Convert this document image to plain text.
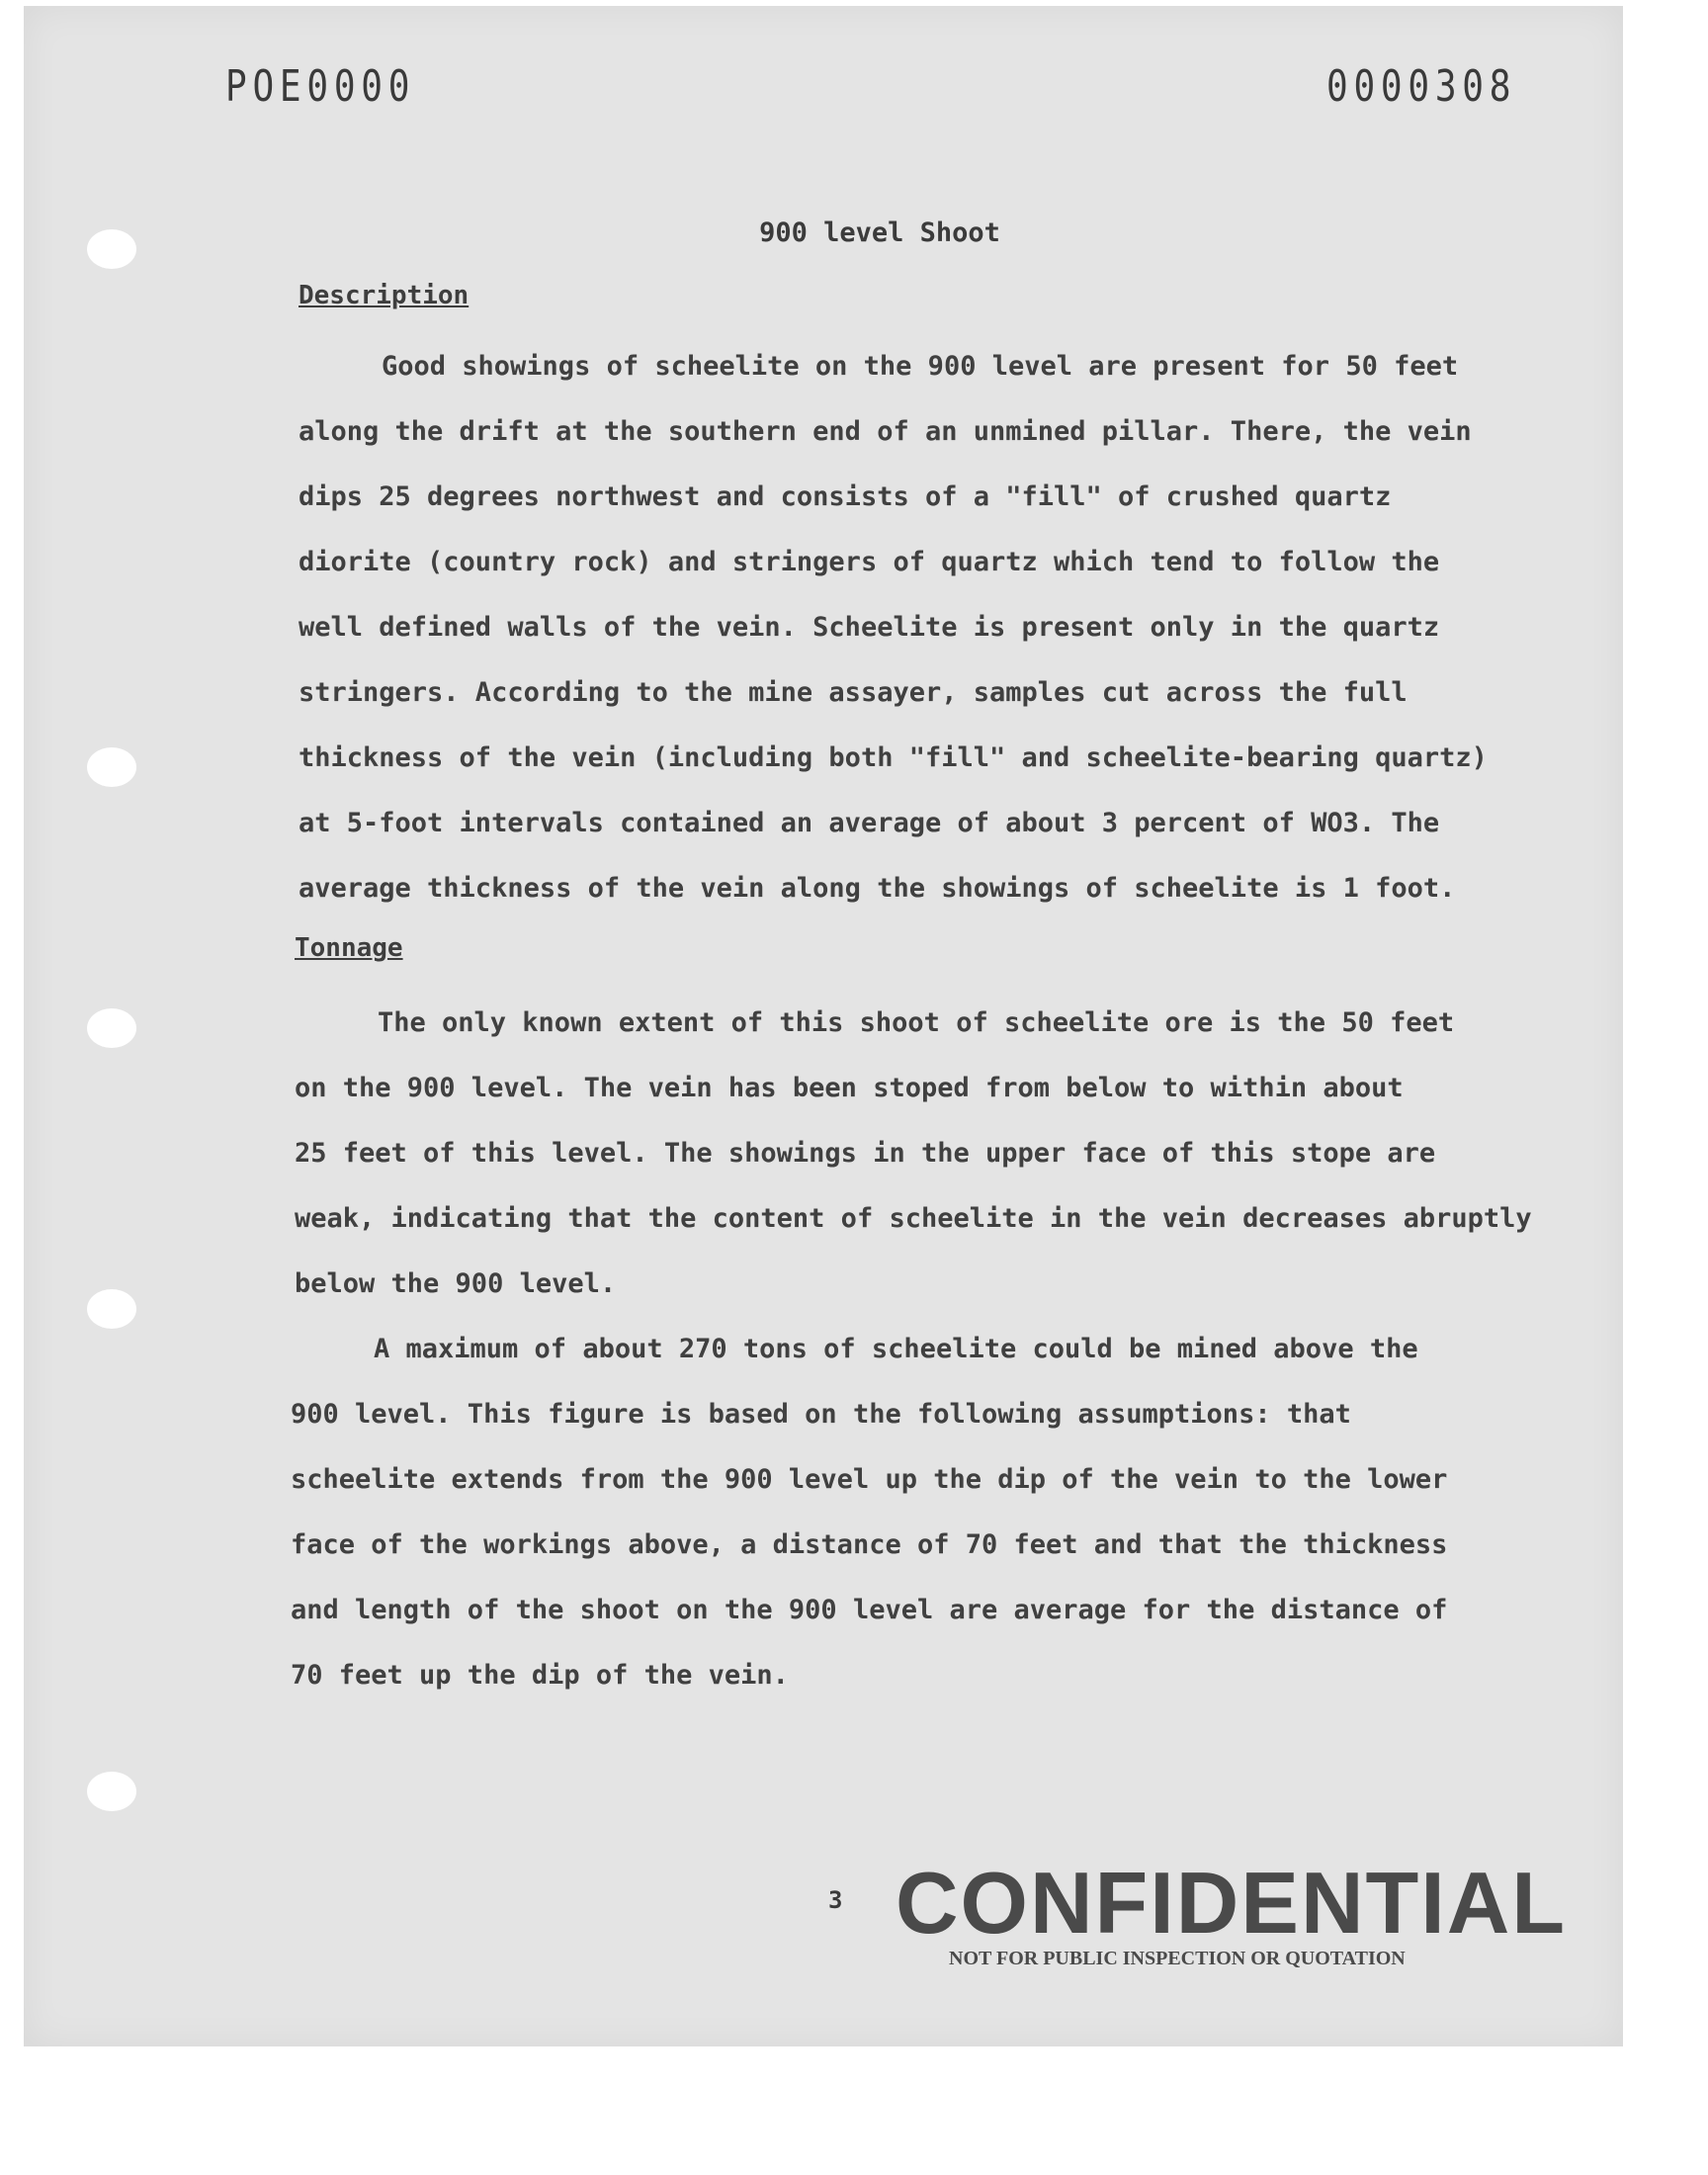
POE0000	0000308
900 level Shoot
Description
Good showings of scheelite on the 900 level are present for 50 feet
along the drift at the southern end of an unmined pillar. There, the vein
dips 25 degrees northwest and consists of a "fill" of crushed quartz
diorite (country rock) and stringers of quartz which tend to follow the
well defined walls of the vein. Scheelite is present only in the quartz
stringers. According to the mine assayer, samples cut across the full
thickness of the vein (including both "fill" and scheelite-bearing quartz)
at 5-foot intervals contained an average of about 3 percent of WO3. The
average thickness of the vein along the showings of scheelite is 1 foot.
Tonnage
The only known extent of this shoot of scheelite ore is the 50 feet
on the 900 level. The vein has been stoped from below to within about
25 feet of this level. The showings in the upper face of this stope are
weak, indicating that the content of scheelite in the vein decreases abruptly
below the 900 level.
A maximum of about 270 tons of scheelite could be mined above the
900 level. This figure is based on the following assumptions: that
scheelite extends from the 900 level up the dip of the vein to the lower
face of the workings above, a distance of 70 feet and that the thickness
and length of the shoot on the 900 level are average for the distance of
70 feet up the dip of the vein.
3 CONFIDENTIAL
NOT FOR PUBLIC INSPECTION OR QUOTATION
